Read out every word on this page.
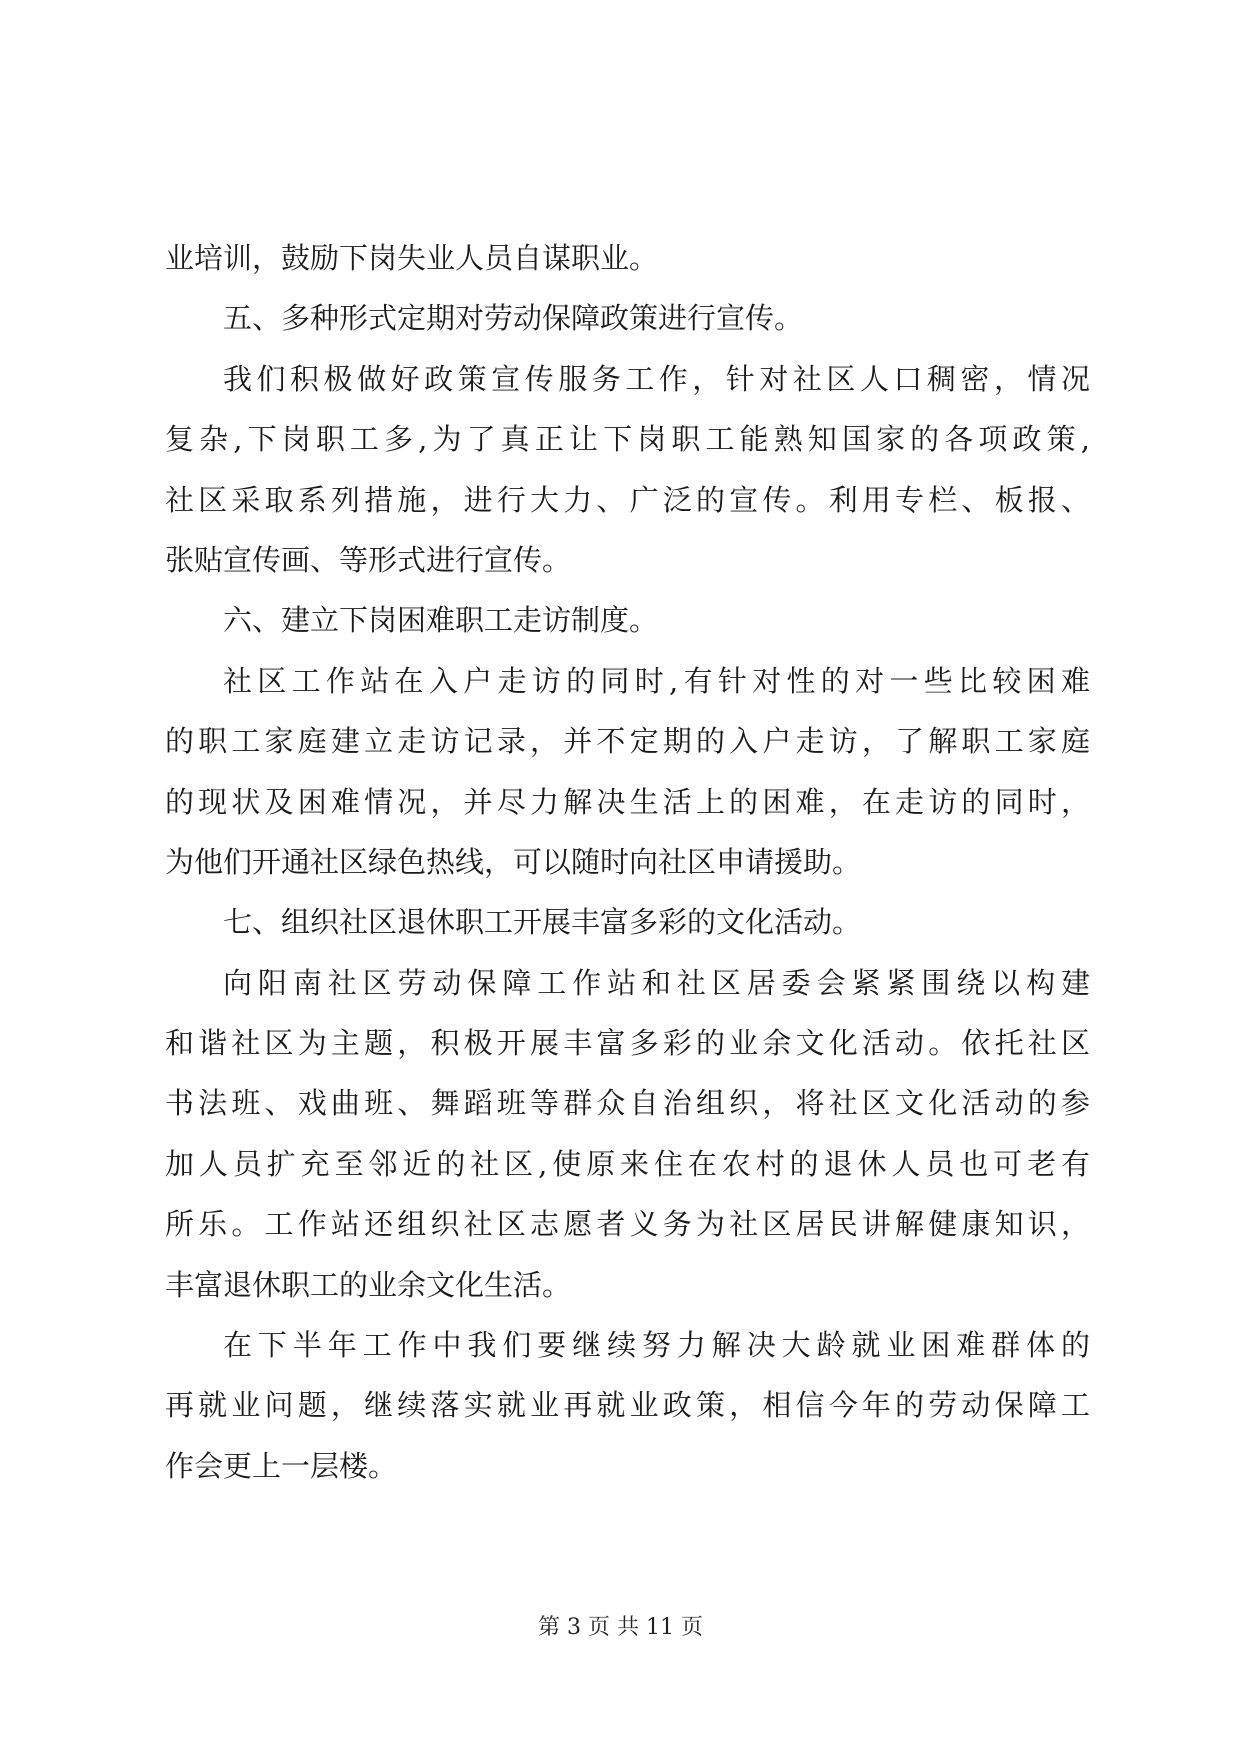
业培训，鼓励下岗失业人员自谋职业。
五、多种形式定期对劳动保障政策进行宣传。
我们积极做好政策宣传服务工作，针对社区人口稠密，情况
复杂,下岗职工多,为了真正让下岗职工能熟知国家的各项政策,
社区采取系列措施，进行大力、广泛的宣传。利用专栏、板报、
张贴宣传画、等形式进行宣传。
六、建立下岗困难职工走访制度。
社区工作站在入户走访的同时,有针对性的对一些比较困难
的职工家庭建立走访记录，并不定期的入户走访，了解职工家庭
的现状及困难情况，并尽力解决生活上的困难，在走访的同时，
为他们开通社区绿色热线，可以随时向社区申请援助。
七、组织社区退休职工开展丰富多彩的文化活动。
向阳南社区劳动保障工作站和社区居委会紧紧围绕以构建
和谐社区为主题，积极开展丰富多彩的业余文化活动。依托社区
书法班、戏曲班、舞蹈班等群众自治组织，将社区文化活动的参
加人员扩充至邻近的社区,使原来住在农村的退休人员也可老有
所乐。工作站还组织社区志愿者义务为社区居民讲解健康知识，
丰富退休职工的业余文化生活。
在下半年工作中我们要继续努力解决大龄就业困难群体的
再就业问题，继续落实就业再就业政策，相信今年的劳动保障工
作会更上一层楼。
第 3 页 共 11 页
